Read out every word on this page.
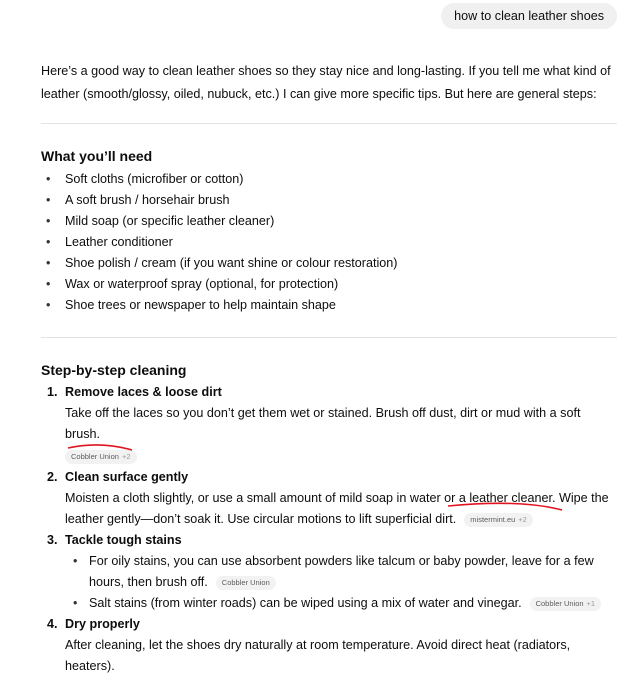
how to clean leather shoes

Here’s a good way to clean leather shoes so they stay nice and long-lasting. If you tell me what kind of leather (smooth/glossy, oiled, nubuck, etc.) I can give more specific tips. But here are general steps:

What you’ll need
• Soft cloths (microfiber or cotton)
• A soft brush / horsehair brush
• Mild soap (or specific leather cleaner)
• Leather conditioner
• Shoe polish / cream (if you want shine or colour restoration)
• Wax or waterproof spray (optional, for protection)
• Shoe trees or newspaper to help maintain shape
Step-by-step cleaning
1. Remove laces & loose dirt
Take off the laces so you don’t get them wet or stained. Brush off dust, dirt or mud with a soft brush.
Cobbler Union +2
2. Clean surface gently
Moisten a cloth slightly, or use a small amount of mild soap in water or a leather cleaner. Wipe the leather gently—don’t soak it. Use circular motions to lift superficial dirt. mistermint.eu +2
3. Tackle tough stains
• For oily stains, you can use absorbent powders like talcum or baby powder, leave for a few hours, then brush off. Cobbler Union
• Salt stains (from winter roads) can be wiped using a mix of water and vinegar. Cobbler Union +1
4. Dry properly
After cleaning, let the shoes dry naturally at room temperature. Avoid direct heat (radiators, heaters).
